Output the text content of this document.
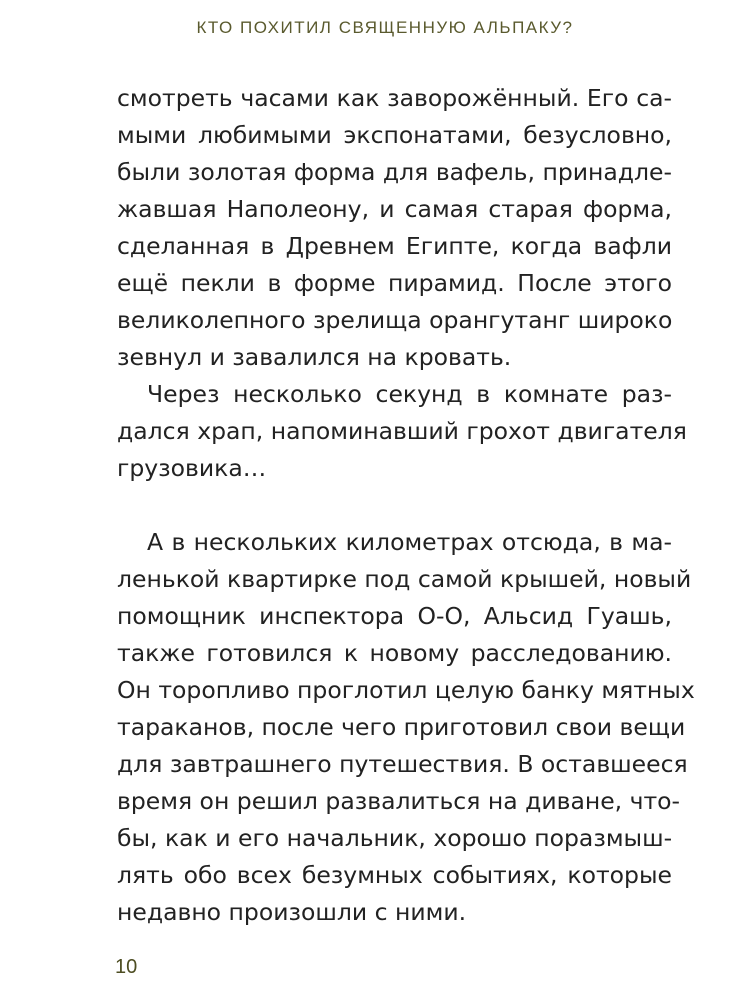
КТО ПОХИТИЛ СВЯЩЕННУЮ АЛЬПАКУ?
смотреть часами как заворожённый. Его са-
мыми любимыми экспонатами, безусловно,
были золотая форма для вафель, принадле-
жавшая Наполеону, и самая старая форма,
сделанная в Древнем Египте, когда вафли
ещё пекли в форме пирамид. После этого
великолепного зрелища орангутанг широко
зевнул и завалился на кровать.
Через несколько секунд в комнате раз-
дался храп, напоминавший грохот двигателя
грузовика…
А в нескольких километрах отсюда, в ма-
ленькой квартирке под самой крышей, новый
помощник инспектора О-О, Альсид Гуашь,
также готовился к новому расследованию.
Он торопливо проглотил целую банку мятных
тараканов, после чего приготовил свои вещи
для завтрашнего путешествия. В оставшееся
время он решил развалиться на диване, что-
бы, как и его начальник, хорошо поразмыш-
лять обо всех безумных событиях, которые
недавно произошли с ними.
10
